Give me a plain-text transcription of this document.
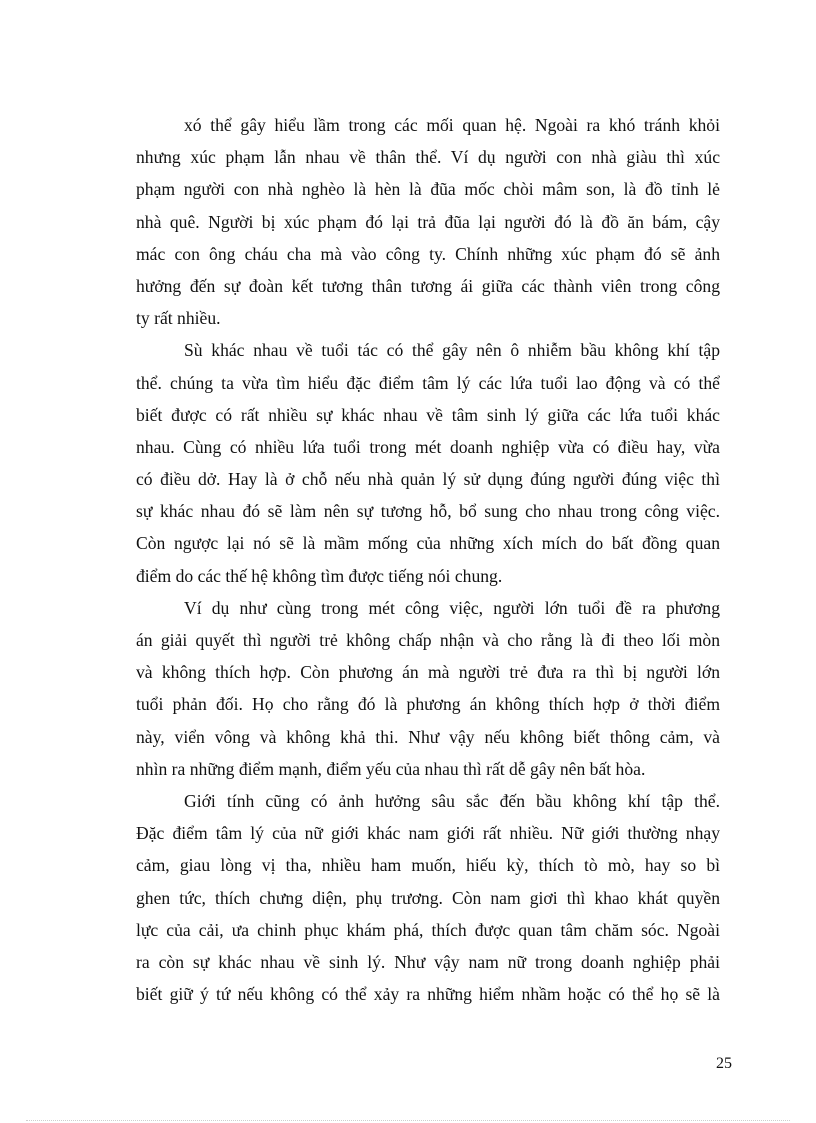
xó thể gây hiểu lầm trong các mối quan hệ. Ngoài ra khó tránh khỏi
nhưng xúc phạm lẫn nhau về thân thể. Ví dụ người con nhà giàu thì xúc
phạm người con nhà nghèo là hèn là đũa mốc chòi mâm son, là đồ tỉnh lẻ
nhà quê. Người bị xúc phạm đó lại trả đũa lại người đó là đồ ăn bám, cậy
mác con ông cháu cha mà vào công ty. Chính những xúc phạm đó sẽ ảnh
hưởng đến sự đoàn kết tương thân tương ái giữa các thành viên trong công
ty rất nhiều.
Sù khác nhau về tuổi tác có thể gây nên ô nhiễm bầu không khí tập
thể. chúng ta vừa tìm hiểu đặc điểm tâm lý các lứa tuổi lao động và có thể
biết được có rất nhiều sự khác nhau về tâm sinh lý giữa các lứa tuổi khác
nhau. Cùng có nhiều lứa tuổi trong mét doanh nghiệp vừa có điều hay, vừa
có điều dở. Hay là ở chỗ nếu nhà quản lý sử dụng đúng người đúng việc thì
sự khác nhau đó sẽ làm nên sự tương hỗ, bổ sung cho nhau trong công việc.
Còn ngược lại nó sẽ là mầm mống của những xích mích do bất đồng quan
điểm do các thế hệ không tìm được tiếng nói chung.
Ví dụ như cùng trong mét công việc, người lớn tuổi đề ra phương
án giải quyết thì người trẻ không chấp nhận và cho rằng là đi theo lối mòn
và không thích hợp. Còn phương án mà người trẻ đưa ra thì bị người lớn
tuổi phản đối. Họ cho rằng đó là phương án không thích hợp ở thời điểm
này, viển vông và không khả thi. Như vậy nếu không biết thông cảm, và
nhìn ra những điểm mạnh, điểm yếu của nhau thì rất dễ gây nên bất hòa.
Giới tính cũng có ảnh hưởng sâu sắc đến bầu không khí tập thể.
Đặc điểm tâm lý của nữ giới khác nam giới rất nhiều. Nữ giới thường nhạy
cảm, giau lòng vị tha, nhiều ham muốn, hiếu kỳ, thích tò mò, hay so bì
ghen tức, thích chưng diện, phụ trương. Còn nam giơi thì khao khát quyền
lực của cải, ưa chinh phục khám phá, thích được quan tâm chăm sóc. Ngoài
ra còn sự khác nhau về sinh lý. Như vậy nam nữ trong doanh nghiệp phải
biết giữ ý tứ nếu không có thể xảy ra những hiểm nhầm hoặc có thể họ sẽ là
25
